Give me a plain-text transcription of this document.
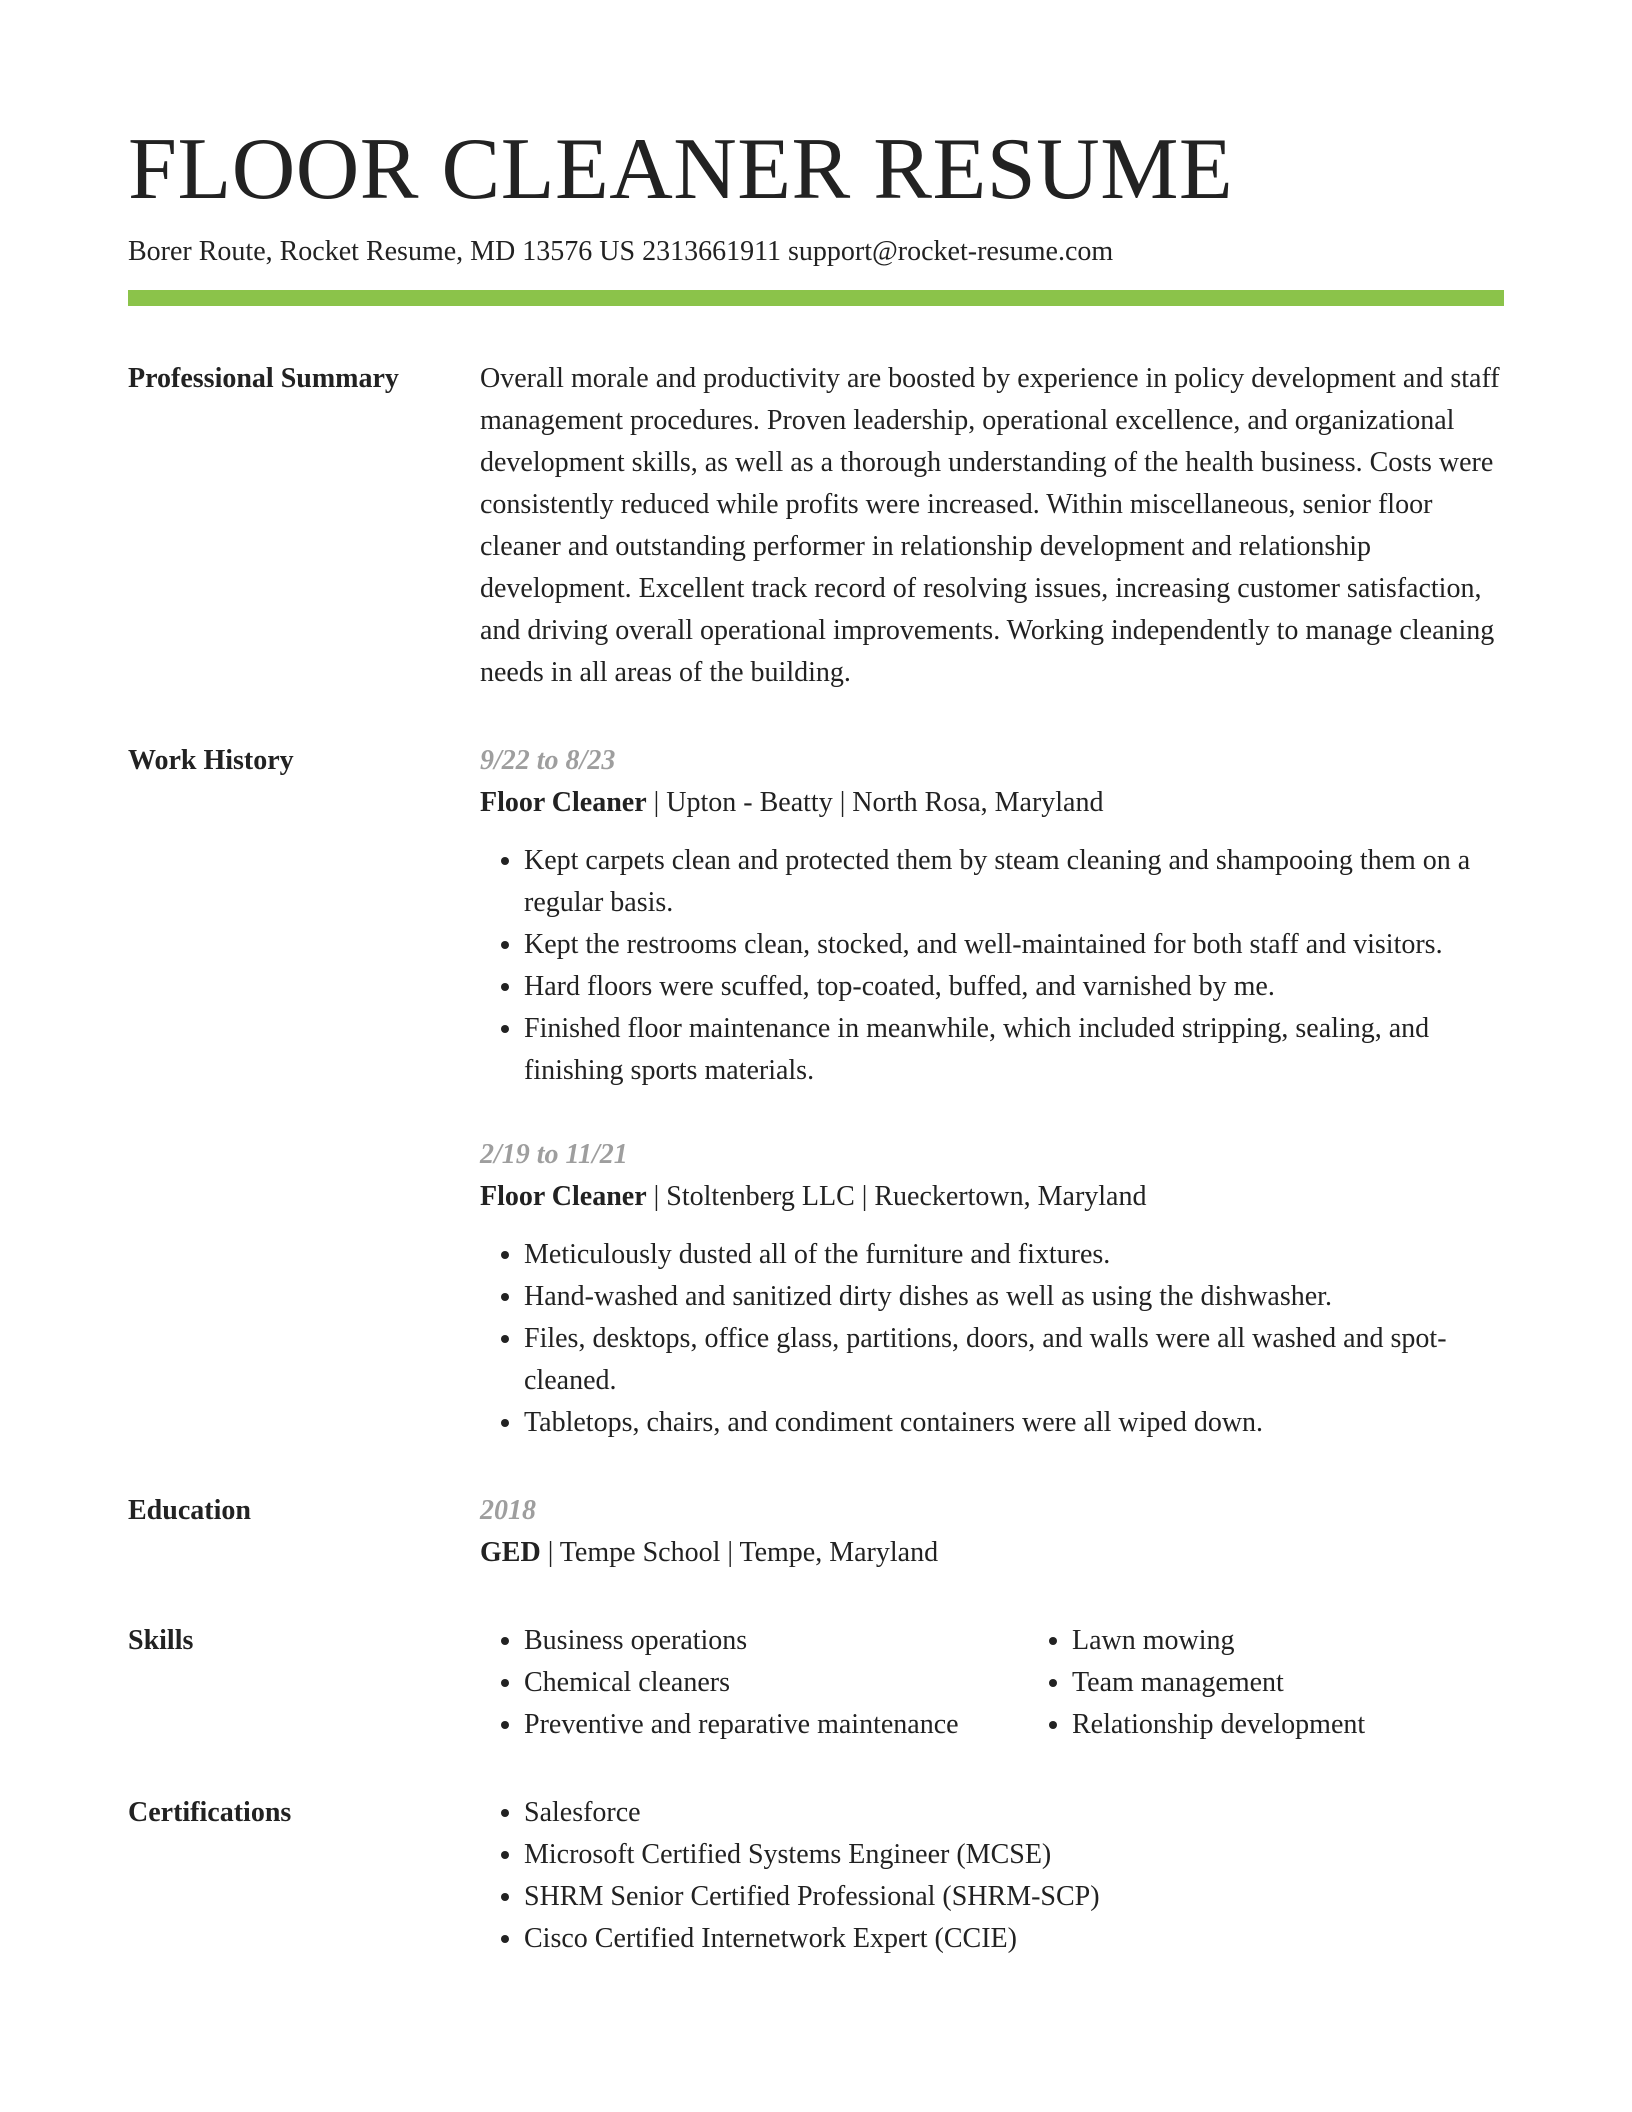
FLOOR CLEANER RESUME
Borer Route, Rocket Resume, MD 13576 US 2313661911 support@rocket-resume.com
Professional Summary	Overall morale and productivity are boosted by experience in policy development and staff management procedures. Proven leadership, operational excellence, and organizational development skills, as well as a thorough understanding of the health business. Costs were consistently reduced while profits were increased. Within miscellaneous, senior floor cleaner and outstanding performer in relationship development and relationship development. Excellent track record of resolving issues, increasing customer satisfaction, and driving overall operational improvements. Working independently to manage cleaning needs in all areas of the building.

Work History	9/22 to 8/23
Floor Cleaner | Upton - Beatty | North Rosa, Maryland
• Kept carpets clean and protected them by steam cleaning and shampooing them on a regular basis.
• Kept the restrooms clean, stocked, and well-maintained for both staff and visitors.
• Hard floors were scuffed, top-coated, buffed, and varnished by me.
• Finished floor maintenance in meanwhile, which included stripping, sealing, and finishing sports materials.
2/19 to 11/21
Floor Cleaner | Stoltenberg LLC | Rueckertown, Maryland
• Meticulously dusted all of the furniture and fixtures.
• Hand-washed and sanitized dirty dishes as well as using the dishwasher.
• Files, desktops, office glass, partitions, doors, and walls were all washed and spot-cleaned.
• Tabletops, chairs, and condiment containers were all wiped down.
Education	2018
GED | Tempe School | Tempe, Maryland
Skills	• Business operations
• Chemical cleaners
• Preventive and reparative maintenance
• Lawn mowing
• Team management
• Relationship development
Certifications	• Salesforce
• Microsoft Certified Systems Engineer (MCSE)
• SHRM Senior Certified Professional (SHRM-SCP)
• Cisco Certified Internetwork Expert (CCIE)
